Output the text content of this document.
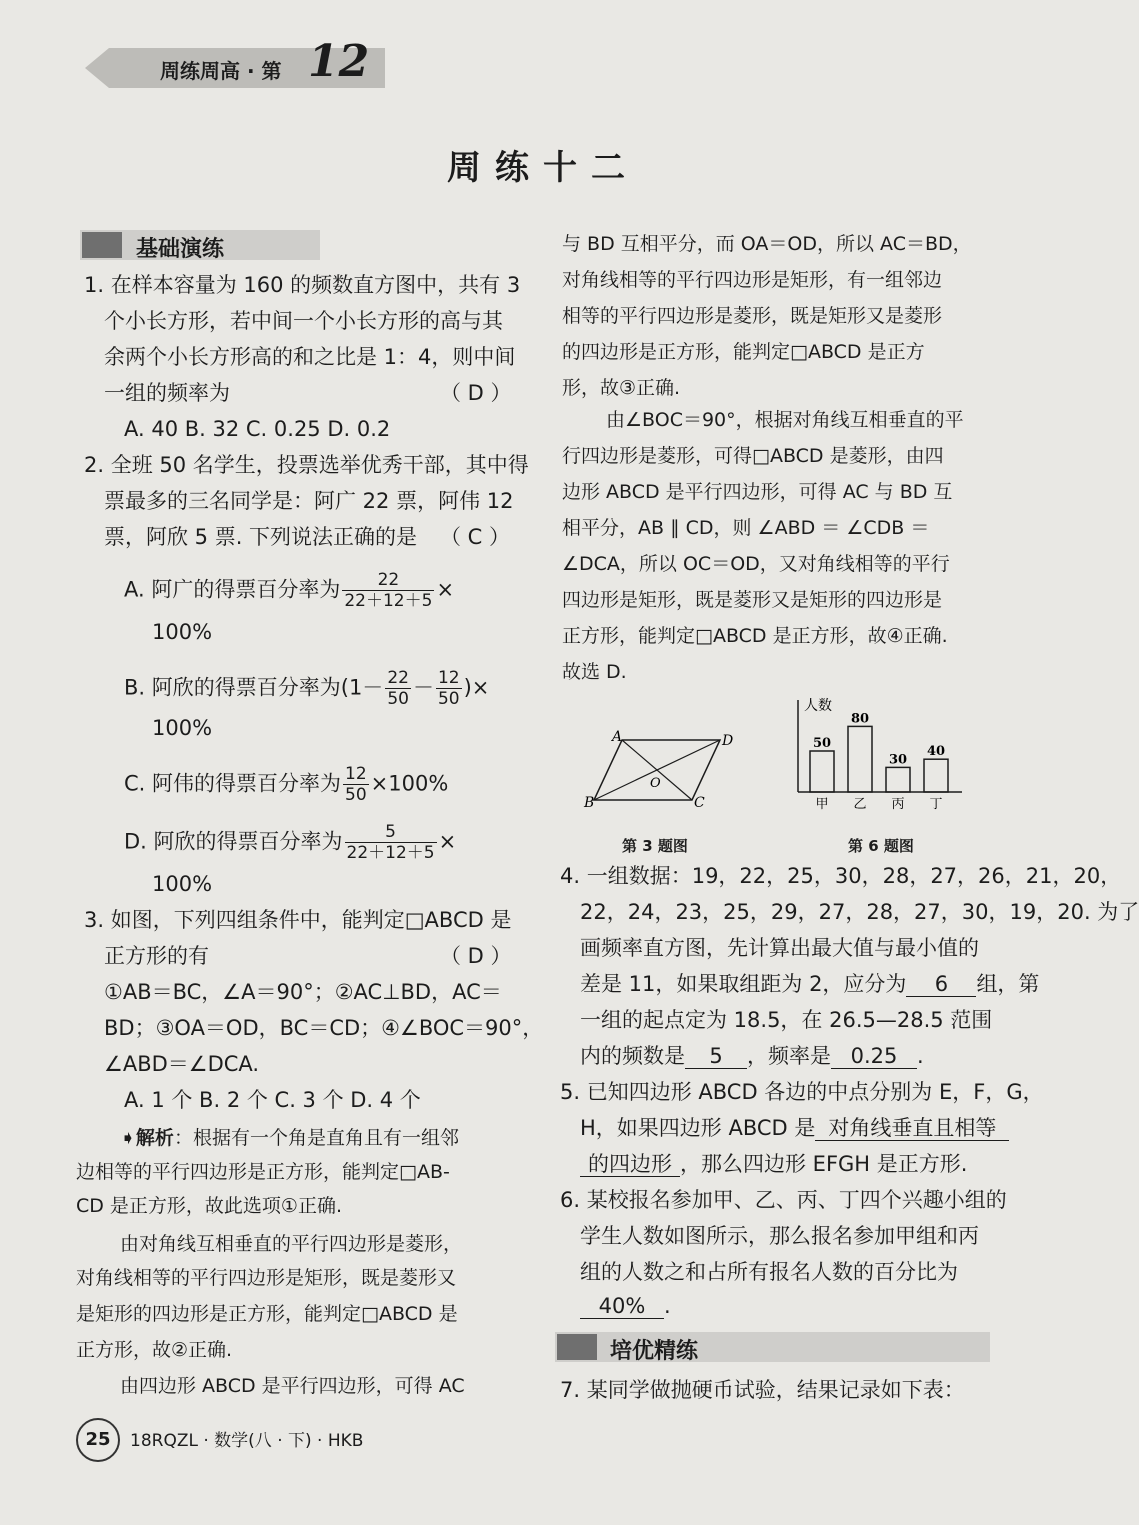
周练周高 · 第 12
周练十二
基础演练
1. 在样本容量为 160 的频数直方图中，共有 3
个小长方形，若中间一个小长方形的高与其
余两个小长方形高的和之比是 1：4，则中间
一组的频率为	（ D ）
A. 40 B. 32 C. 0.25 D. 0.2
2. 全班 50 名学生，投票选举优秀干部，其中得
票最多的三名同学是：阿广 22 票，阿伟 12
票，阿欣 5 票. 下列说法正确的是 （ C ）
A. 阿广的得票百分率为 $\frac{22}{22+12+5}$ ×
100%
B. 阿欣的得票百分率为($1- \frac{22}{50} - \frac{12}{50}$ )×
100%
C. 阿伟的得票百分率为 $\frac{12}{50} \times 100\%$
D. 阿欣的得票百分率为 $\frac{5}{22+12+5}$ ×
100%
3. 如图，下列四组条件中，能判定□ABCD 是
正方形的有	（ D ）
①AB＝BC，∠A＝90°；②AC⊥BD，AC＝
BD；③OA＝OD，BC＝CD；④∠BOC＝90°，
∠ABD＝∠DCA.
A. 1 个 B. 2 个 C. 3 个 D. 4 个
➧解析：根据有一个角是直角且有一组邻
边相等的平行四边形是正方形，能判定□AB-
CD 是正方形，故此选项①正确.
由对角线互相垂直的平行四边形是菱形，
对角线相等的平行四边形是矩形，既是菱形又
是矩形的四边形是正方形，能判定□ABCD 是
正方形，故②正确.
由四边形 ABCD 是平行四边形，可得 AC
与 BD 互相平分，而 OA＝OD，所以 AC＝BD，
对角线相等的平行四边形是矩形，有一组邻边
相等的平行四边形是菱形，既是矩形又是菱形
的四边形是正方形，能判定□ABCD 是正方
形，故③正确.
由∠BOC＝90°，根据对角线互相垂直的平
行四边形是菱形，可得□ABCD 是菱形，由四
边形 ABCD 是平行四边形，可得 AC 与 BD 互
相平分，AB ∥ CD，则 ∠ABD ＝ ∠CDB ＝
∠DCA，所以 OC＝OD，又对角线相等的平行
四边形是矩形，既是菱形又是矩形的四边形是
正方形，能判定□ABCD 是正方形，故④正确.
故选 D.
A	D
B	C
O
第 3 题图
人数
50
甲
80
乙
30
丙
40
丁
第 6 题图
4. 一组数据：19，22，25，30，28，27，26，21，20，
22，24，23，25，29，27，28，27，30，19，20. 为了
画频率直方图，先计算出最大值与最小值的
差是 11，如果取组距为 2，应分为 6 组，第
一组的起点定为 18.5，在 26.5—28.5 范围
内的频数是 5 ，频率是 0.25 .
5. 已知四边形 ABCD 各边的中点分别为 E，F，G，
H，如果四边形 ABCD 是 对角线垂直且相等
的四边形 ，那么四边形 EFGH 是正方形.
6. 某校报名参加甲、乙、丙、丁四个兴趣小组的
学生人数如图所示，那么报名参加甲组和丙
组的人数之和占所有报名人数的百分比为
40% .
培优精练
7. 某同学做抛硬币试验，结果记录如下表：
25	18RQZL · 数学(八 · 下) · HKB
